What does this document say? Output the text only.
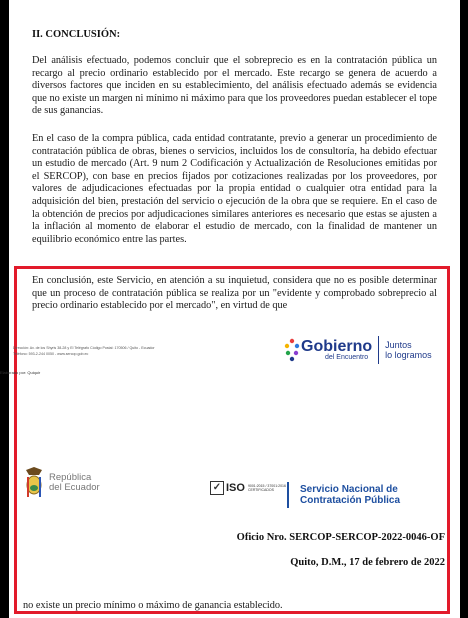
II. CONCLUSIÓN:
Del análisis efectuado, podemos concluir que el sobreprecio es en la contratación pública un recargo al precio ordinario establecido por el mercado. Este recargo se genera de acuerdo a diversos factores que inciden en su establecimiento, del análisis efectuado además se evidencia que no existe un margen ni mínimo ni máximo para que los proveedores puedan establecer el tope de sus ganancias.
En el caso de la compra pública, cada entidad contratante, previo a generar un procedimiento de contratación pública de obras, bienes o servicios, incluidos los de consultoría, ha debido efectuar un estudio de mercado (Art. 9 num 2 Codificación y Actualización de Resoluciones emitidas por el SERCOP), con base en precios fijados por cotizaciones realizadas por los proveedores, por valores de adjudicaciones efectuadas por la propia entidad o cualquier otra entidad para la adquisición del bien, prestación del servicio o ejecución de la obra que se requiere. En el caso de la obtención de precios por adjudicaciones similares anteriores es necesario que estas se ajusten a la inflación al momento de elaborar el estudio de mercado, con la finalidad de mantener un equilibrio económico entre las partes.
En conclusión, este Servicio, en atención a su inquietud, considera que no es posible determinar que un proceso de contratación pública se realiza por un "evidente y comprobado sobreprecio al precio ordinario establecido por el mercado", en virtud de que
Dirección: Av. de los Shyris 38-28 y El Telégrafo Código Postal: 170506 / Quito - Ecuador
Teléfono: 593-2-244 0050 - www.sercop.gob.ec
Elaborado por: Quiquir
Gobierno
del Encuentro
Juntos
lo logramos
República
del Ecuador	✓ ISO 9001:2015 / 37001:2016
CERTIFICADOS	Servicio Nacional de
Contratación Pública
Oficio Nro. SERCOP-SERCOP-2022-0046-OF
Quito, D.M., 17 de febrero de 2022
no existe un precio mínimo o máximo de ganancia establecido.
